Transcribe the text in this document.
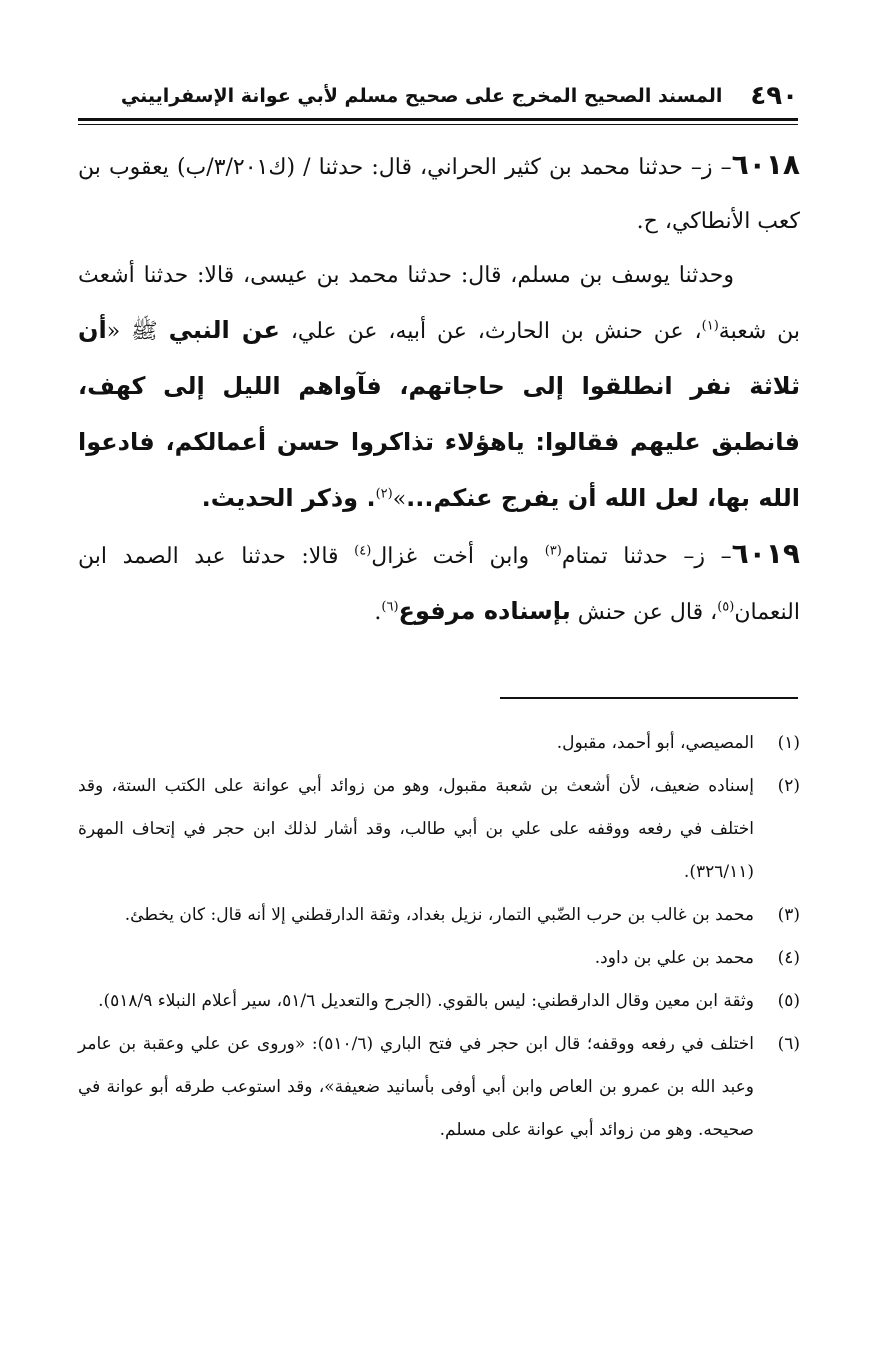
٤٩٠
المسند الصحيح المخرج على صحيح مسلم لأبي عوانة الإسفراييني

٦٠١٨– ز– حدثنا محمد بن كثير الحراني، قال: حدثنا / (ك٣/٢٠١/ب) يعقوب بن كعب الأنطاكي، ح.

وحدثنا يوسف بن مسلم، قال: حدثنا محمد بن عيسى، قالا: حدثنا أشعث بن شعبة$^{(١)}$، عن حنش بن الحارث، عن أبيه، عن علي، عن النبي ﷺ «أن ثلاثة نفر انطلقوا إلى حاجاتهم، فآواهم الليل إلى كهف، فانطبق عليهم فقالوا: ياهؤلاء تذاكروا حسن أعمالكم، فادعوا الله بها، لعل الله أن يفرج عنكم...»$^{(٢)}$. وذكر الحديث.

٦٠١٩– ز– حدثنا تمتام$^{(٣)}$ وابن أخت غزال$^{(٤)}$ قالا: حدثنا عبد الصمد ابن النعمان$^{(٥)}$، قال عن حنش بإسناده مرفوع$^{(٦)}$.

(١)
المصيصي، أبو أحمد، مقبول.
(٢)
إسناده ضعيف، لأن أشعث بن شعبة مقبول، وهو من زوائد أبي عوانة على الكتب الستة، وقد اختلف في رفعه ووقفه على علي بن أبي طالب، وقد أشار لذلك ابن حجر في إتحاف المهرة (٣٢٦/١١).
(٣)
محمد بن غالب بن حرب الضّبي التمار، نزيل بغداد، وثقة الدارقطني إلا أنه قال: كان يخطئ.
(٤)
محمد بن علي بن داود.
(٥)
وثقة ابن معين وقال الدارقطني: ليس بالقوي. (الجرح والتعديل ٥١/٦، سير أعلام النبلاء ٥١٨/٩).
(٦)
اختلف في رفعه ووقفه؛ قال ابن حجر في فتح الباري (٥١٠/٦): «وروى عن علي وعقبة بن عامر وعبد الله بن عمرو بن العاص وابن أبي أوفى بأسانيد ضعيفة»، وقد استوعب طرقه أبو عوانة في صحيحه. وهو من زوائد أبي عوانة على مسلم.
